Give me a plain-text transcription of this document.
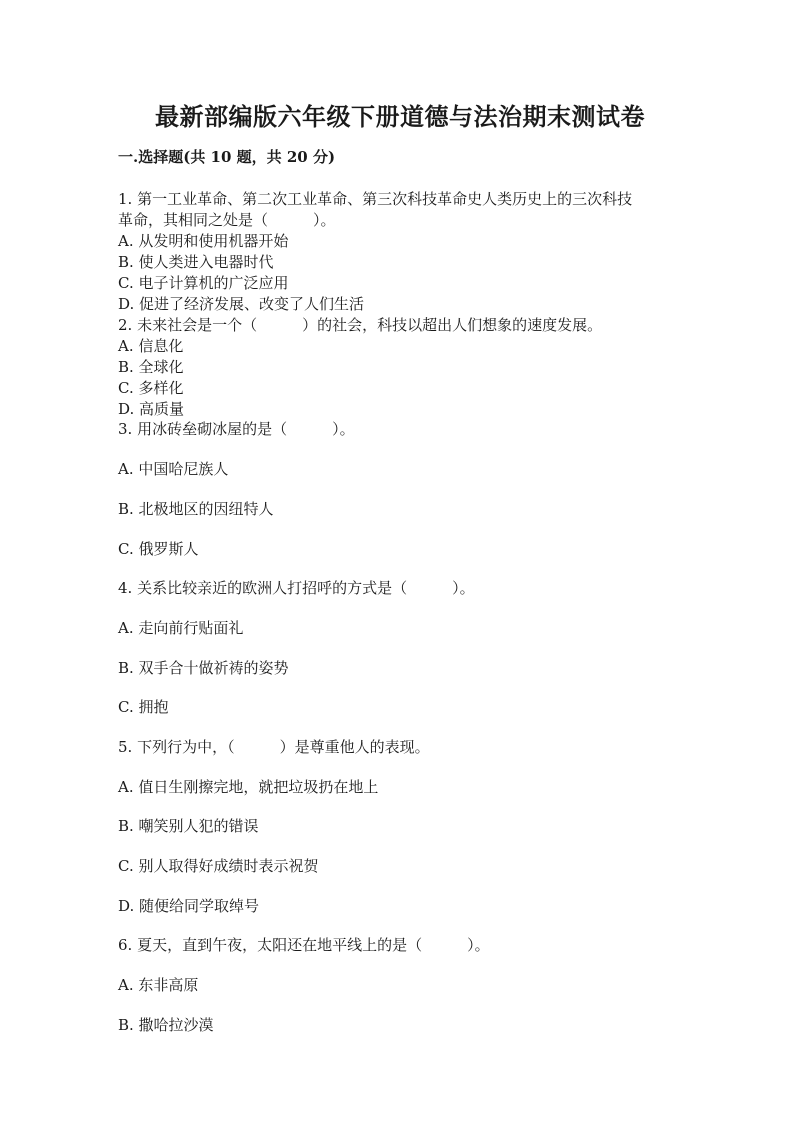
最新部编版六年级下册道德与法治期末测试卷
一.选择题(共 10 题，共 20 分)
1. 第一工业革命、第二次工业革命、第三次科技革命史人类历史上的三次科技
革命，其相同之处是（　　　）。
A. 从发明和使用机器开始
B. 使人类进入电器时代
C. 电子计算机的广泛应用
D. 促进了经济发展、改变了人们生活
2. 未来社会是一个（　　　）的社会，科技以超出人们想象的速度发展。
A. 信息化
B. 全球化
C. 多样化
D. 高质量
3. 用冰砖垒砌冰屋的是（　　　）。
A. 中国哈尼族人
B. 北极地区的因纽特人
C. 俄罗斯人
4. 关系比较亲近的欧洲人打招呼的方式是（　　　）。
A. 走向前行贴面礼
B. 双手合十做祈祷的姿势
C. 拥抱
5. 下列行为中，（　　　）是尊重他人的表现。
A. 值日生刚擦完地，就把垃圾扔在地上
B. 嘲笑别人犯的错误
C. 别人取得好成绩时表示祝贺
D. 随便给同学取绰号
6. 夏天，直到午夜，太阳还在地平线上的是（　　　）。
A. 东非高原
B. 撒哈拉沙漠
